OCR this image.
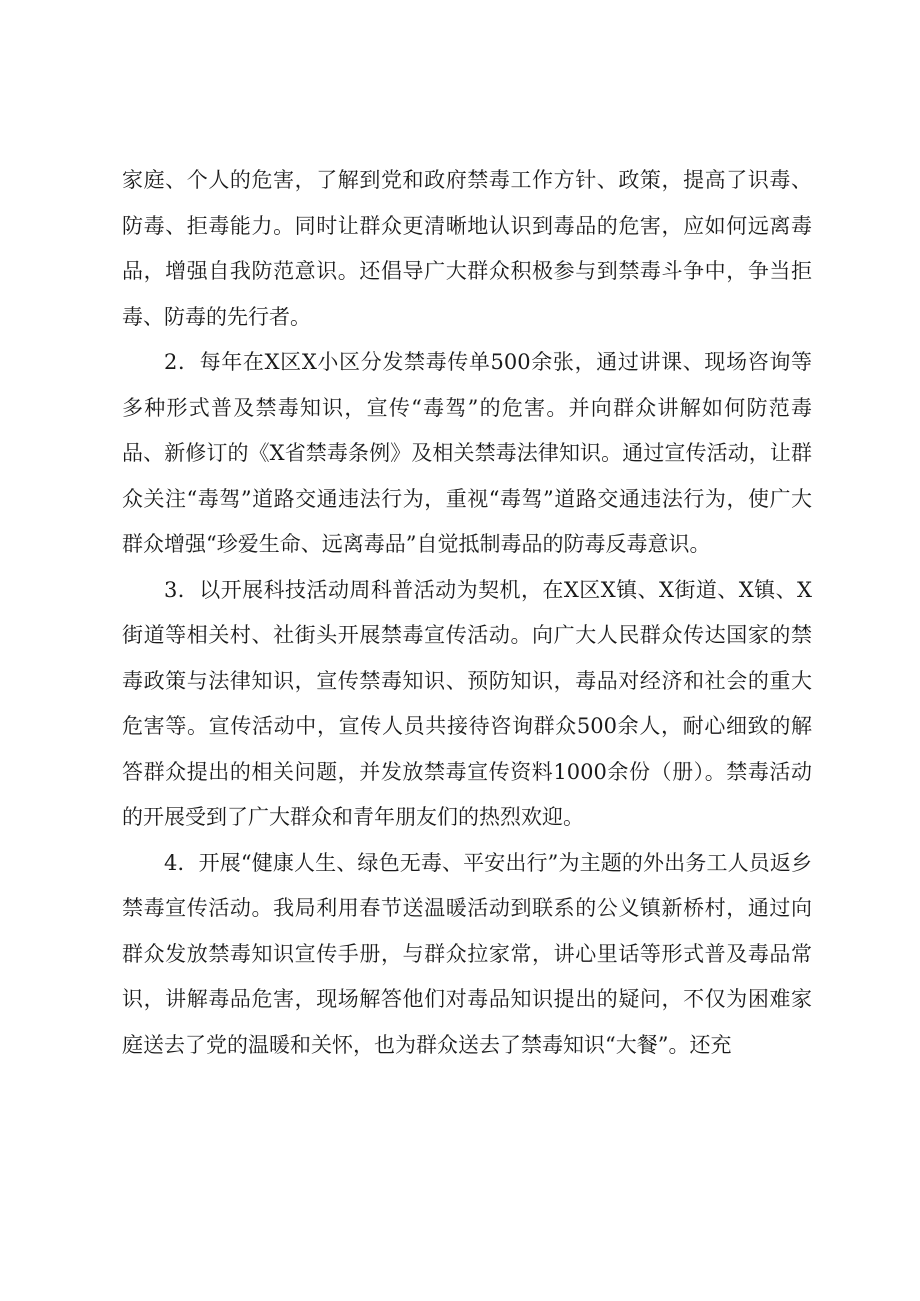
家庭、个人的危害，了解到党和政府禁毒工作方针、政策，提高了识毒、防毒、拒毒能力。同时让群众更清晰地认识到毒品的危害，应如何远离毒品，增强自我防范意识。还倡导广大群众积极参与到禁毒斗争中，争当拒毒、防毒的先行者。

2．每年在X区X小区分发禁毒传单500余张，通过讲课、现场咨询等多种形式普及禁毒知识，宣传“毒驾”的危害。并向群众讲解如何防范毒品、新修订的《X省禁毒条例》及相关禁毒法律知识。通过宣传活动，让群众关注“毒驾”道路交通违法行为，重视“毒驾”道路交通违法行为，使广大群众增强“珍爱生命、远离毒品”自觉抵制毒品的防毒反毒意识。

3．以开展科技活动周科普活动为契机，在X区X镇、X街道、X镇、X街道等相关村、社街头开展禁毒宣传活动。向广大人民群众传达国家的禁毒政策与法律知识，宣传禁毒知识、预防知识，毒品对经济和社会的重大危害等。宣传活动中，宣传人员共接待咨询群众500余人，耐心细致的解答群众提出的相关问题，并发放禁毒宣传资料1000余份（册）。禁毒活动的开展受到了广大群众和青年朋友们的热烈欢迎。

4．开展“健康人生、绿色无毒、平安出行”为主题的外出务工人员返乡禁毒宣传活动。我局利用春节送温暖活动到联系的公义镇新桥村，通过向群众发放禁毒知识宣传手册，与群众拉家常，讲心里话等形式普及毒品常识，讲解毒品危害，现场解答他们对毒品知识提出的疑问，不仅为困难家庭送去了党的温暖和关怀，也为群众送去了禁毒知识“大餐”。还充
